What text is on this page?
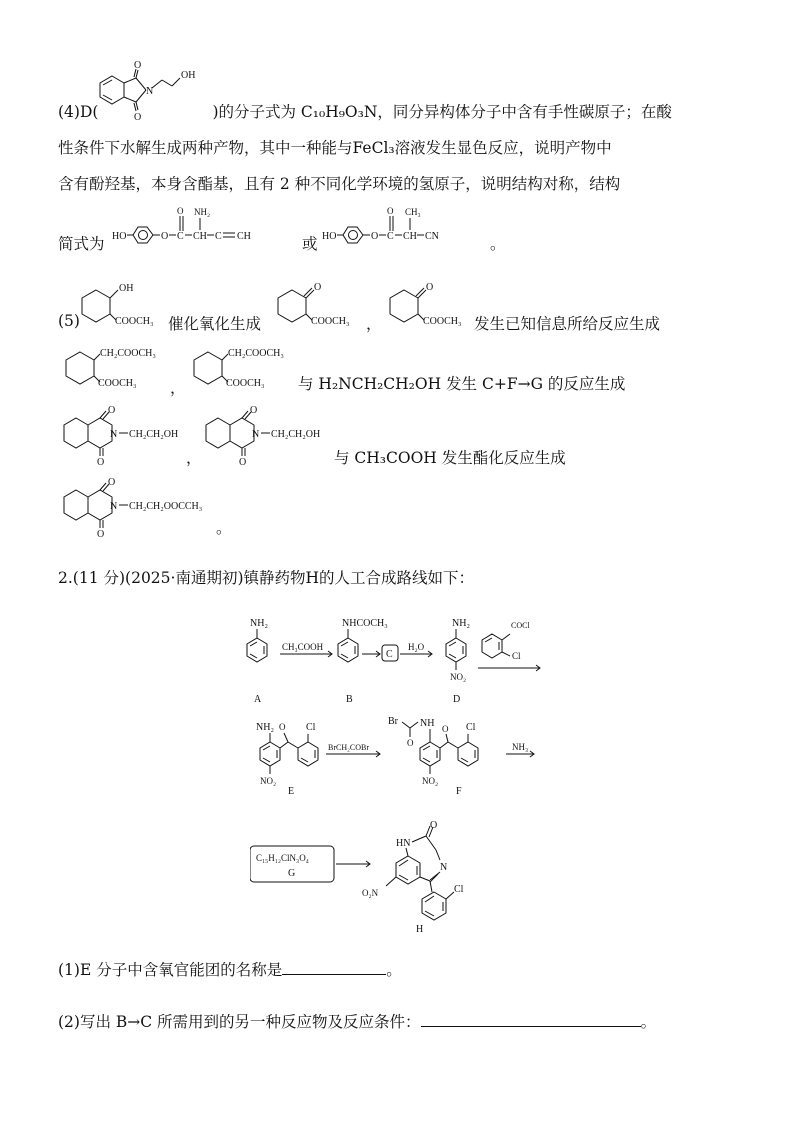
O
O
N
OH
(4)D(	)的分子式为 C₁₀H₉O₃N，同分异构体分子中含有手性碳原子；在酸
性条件下水解生成两种产物，其中一种能与FeCl₃溶液发生显色反应，说明产物中
含有酚羟基，本身含酯基，且有 2 种不同化学环境的氢原子，说明结构对称，结构
简式为 HO	O C
O
CH
NH₂
C CH	或 HO	O C
O
CH
CH₃
CN	。
(5)
OH
COOCH₃ 催化氧化生成
O
COOCH₃ ，
O
COOCH₃ 发生已知信息所给反应生成
CH₂COOCH₃
COOCH₃ ，
CH₂COOCH₃
COOCH₃ 与 H₂NCH₂CH₂OH 发生 C+F→G 的反应生成
O
N CH₂CH₂OH
O	，
O
N CH₂CH₂OH
O	与 CH₃COOH 发生酯化反应生成
O
N CH₂CH₂OOCCH₃
O	。
2.(11 分)(2025·南通期初)镇静药物H的人工合成路线如下：
NH₂
A
CH₃COOH
NHCOCH₃
B
C
H₂O
NH₂
NO₂
D
COCl
Cl
NH₂ O Cl
NO₂
E
BrCH₂COBr
Br
O
NH O Cl
NO₂
F
NH₃
C₁₅H₁₂ClN₃O₄
G
HN
O
N
O₂N	Cl
H
(1)E 分子中含氧官能团的名称是	。
(2)写出 B→C 所需用到的另一种反应物及反应条件：	。
